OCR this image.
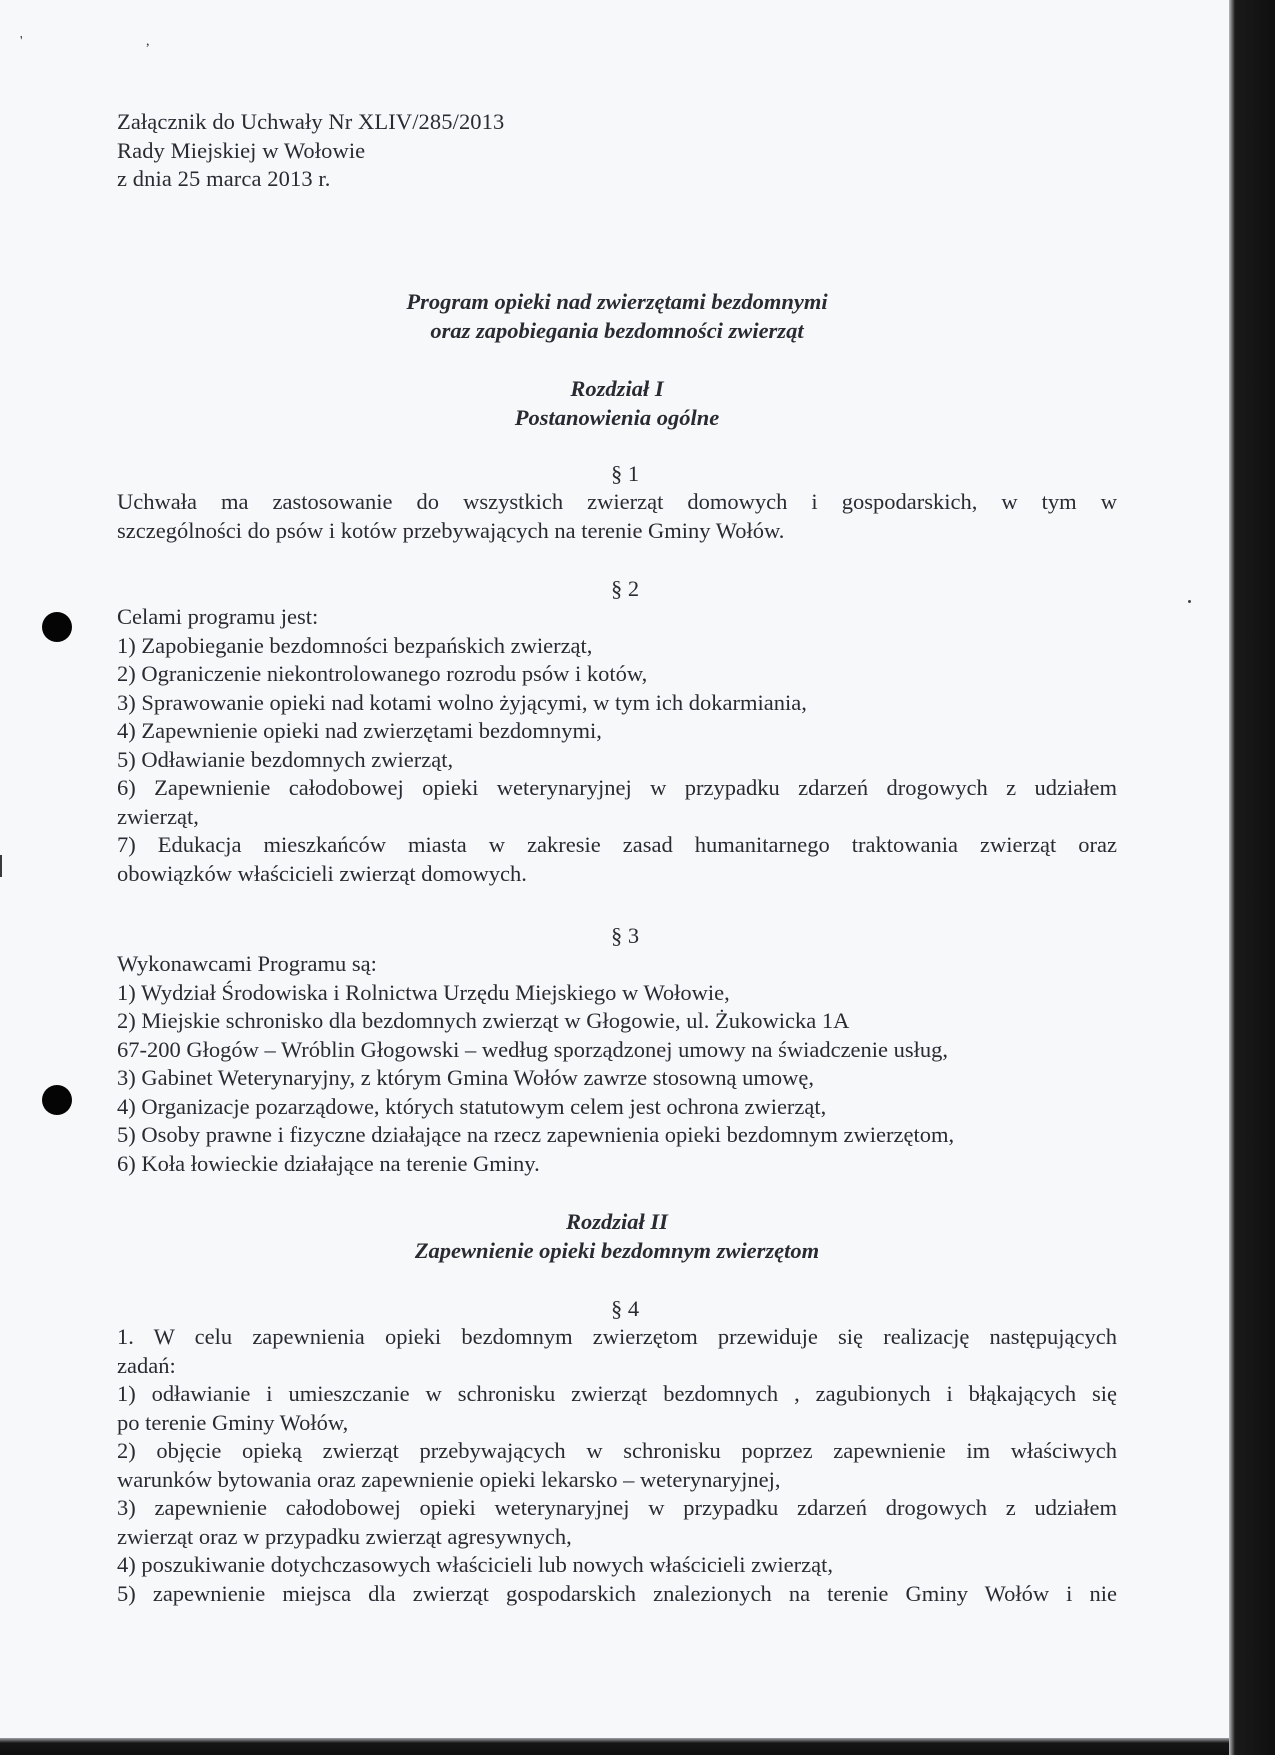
' ,
Załącznik do Uchwały Nr XLIV/285/2013
Rady Miejskiej w Wołowie
z dnia 25 marca 2013 r.
Program opieki nad zwierzętami bezdomnymi
oraz zapobiegania bezdomności zwierząt
Rozdział I
Postanowienia ogólne
§ 1
Uchwała ma zastosowanie do wszystkich zwierząt domowych i gospodarskich, w tym w
szczególności do psów i kotów przebywających na terenie Gminy Wołów.
§ 2
Celami programu jest:
1) Zapobieganie bezdomności bezpańskich zwierząt,
2) Ograniczenie niekontrolowanego rozrodu psów i kotów,
3) Sprawowanie opieki nad kotami wolno żyjącymi, w tym ich dokarmiania,
4) Zapewnienie opieki nad zwierzętami bezdomnymi,
5) Odławianie bezdomnych zwierząt,
6) Zapewnienie całodobowej opieki weterynaryjnej w przypadku zdarzeń drogowych z udziałem
zwierząt,
7) Edukacja mieszkańców miasta w zakresie zasad humanitarnego traktowania zwierząt oraz
obowiązków właścicieli zwierząt domowych.
§ 3
Wykonawcami Programu są:
1) Wydział Środowiska i Rolnictwa Urzędu Miejskiego w Wołowie,
2) Miejskie schronisko dla bezdomnych zwierząt w Głogowie, ul. Żukowicka 1A
67-200 Głogów – Wróblin Głogowski – według sporządzonej umowy na świadczenie usług,
3) Gabinet Weterynaryjny, z którym Gmina Wołów zawrze stosowną umowę,
4) Organizacje pozarządowe, których statutowym celem jest ochrona zwierząt,
5) Osoby prawne i fizyczne działające na rzecz zapewnienia opieki bezdomnym zwierzętom,
6) Koła łowieckie działające na terenie Gminy.
Rozdział II
Zapewnienie opieki bezdomnym zwierzętom
§ 4
1. W celu zapewnienia opieki bezdomnym zwierzętom przewiduje się realizację następujących
zadań:
1) odławianie i umieszczanie w schronisku zwierząt bezdomnych , zagubionych i błąkających się
po terenie Gminy Wołów,
2) objęcie opieką zwierząt przebywających w schronisku poprzez zapewnienie im właściwych
warunków bytowania oraz zapewnienie opieki lekarsko – weterynaryjnej,
3) zapewnienie całodobowej opieki weterynaryjnej w przypadku zdarzeń drogowych z udziałem
zwierząt oraz w przypadku zwierząt agresywnych,
4) poszukiwanie dotychczasowych właścicieli lub nowych właścicieli zwierząt,
5) zapewnienie miejsca dla zwierząt gospodarskich znalezionych na terenie Gminy Wołów i nie
